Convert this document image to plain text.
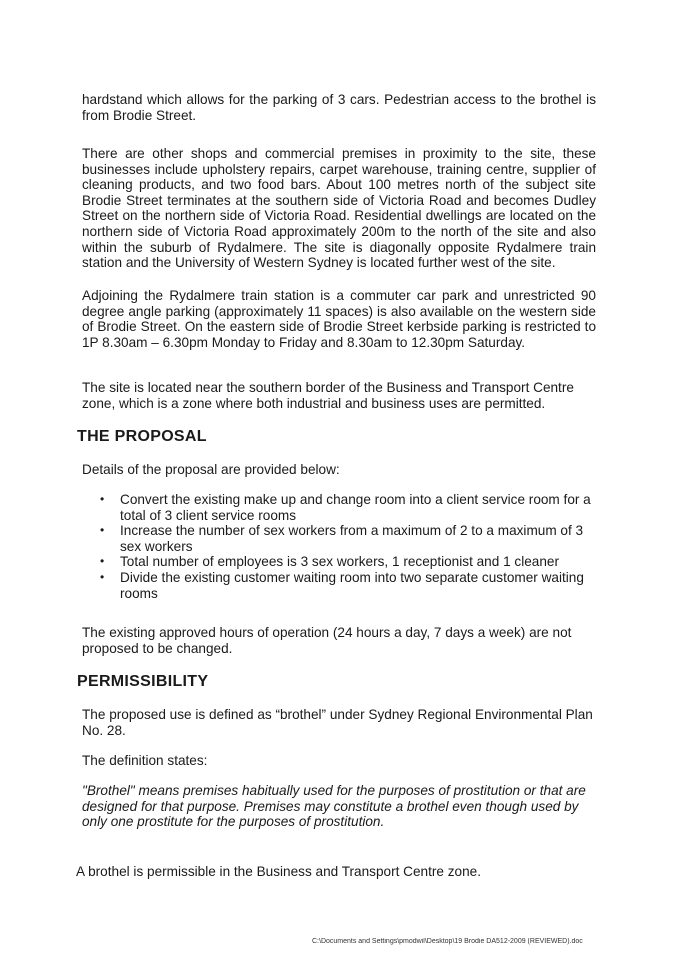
hardstand which allows for the parking of 3 cars. Pedestrian access to the brothel is from Brodie Street.

There are other shops and commercial premises in proximity to the site, these businesses include upholstery repairs, carpet warehouse, training centre, supplier of cleaning products, and two food bars. About 100 metres north of the subject site Brodie Street terminates at the southern side of Victoria Road and becomes Dudley Street on the northern side of Victoria Road. Residential dwellings are located on the northern side of Victoria Road approximately 200m to the north of the site and also within the suburb of Rydalmere. The site is diagonally opposite Rydalmere train station and the University of Western Sydney is located further west of the site.

Adjoining the Rydalmere train station is a commuter car park and unrestricted 90 degree angle parking (approximately 11 spaces) is also available on the western side of Brodie Street. On the eastern side of Brodie Street kerbside parking is restricted to 1P 8.30am – 6.30pm Monday to Friday and 8.30am to 12.30pm Saturday.

The site is located near the southern border of the Business and Transport Centre zone, which is a zone where both industrial and business uses are permitted.

THE PROPOSAL

Details of the proposal are provided below:

• Convert the existing make up and change room into a client service room for a total of 3 client service rooms
• Increase the number of sex workers from a maximum of 2 to a maximum of 3 sex workers
• Total number of employees is 3 sex workers, 1 receptionist and 1 cleaner
• Divide the existing customer waiting room into two separate customer waiting rooms

The existing approved hours of operation (24 hours a day, 7 days a week) are not proposed to be changed.

PERMISSIBILITY

The proposed use is defined as “brothel” under Sydney Regional Environmental Plan No. 28.

The definition states:

"Brothel" means premises habitually used for the purposes of prostitution or that are designed for that purpose. Premises may constitute a brothel even though used by only one prostitute for the purposes of prostitution.

A brothel is permissible in the Business and Transport Centre zone.

C:\Documents and Settings\pmodwil\Desktop\19 Brodie DA512-2009 (REVIEWED).doc
